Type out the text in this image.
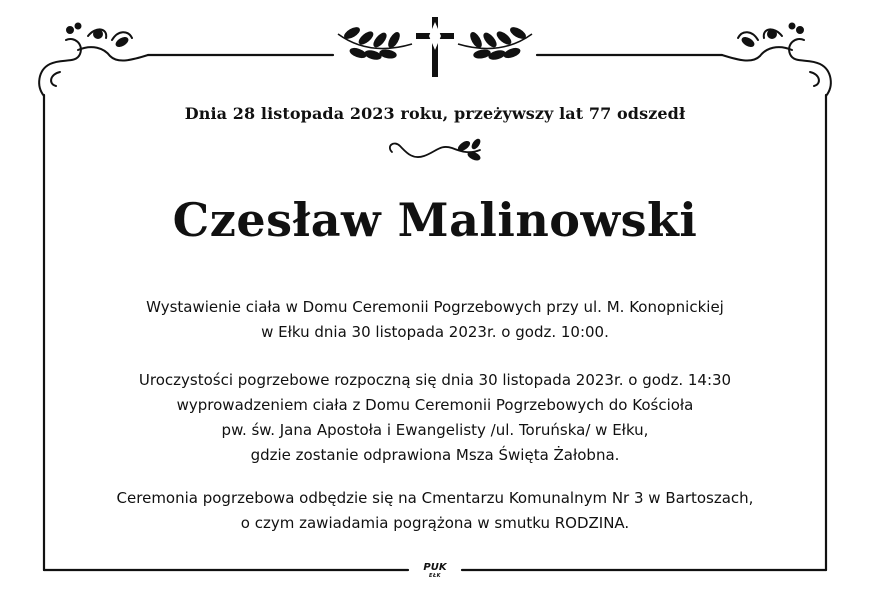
Dnia 28 listopada 2023 roku, przeżywszy lat 77 odszedł
Czesław Malinowski
Wystawienie ciała w Domu Ceremonii Pogrzebowych przy ul. M. Konopnickiej
w Ełku dnia 30 listopada 2023r. o godz. 10:00.
Uroczystości pogrzebowe rozpoczną się dnia 30 listopada 2023r. o godz. 14:30
wyprowadzeniem ciała z Domu Ceremonii Pogrzebowych do Kościoła
pw. św. Jana Apostoła i Ewangelisty /ul. Toruńska/ w Ełku,
gdzie zostanie odprawiona Msza Święta Żałobna.
Ceremonia pogrzebowa odbędzie się na Cmentarzu Komunalnym Nr 3 w Bartoszach,
o czym zawiadamia pogrążona w smutku RODZINA.
PUK
EŁK
